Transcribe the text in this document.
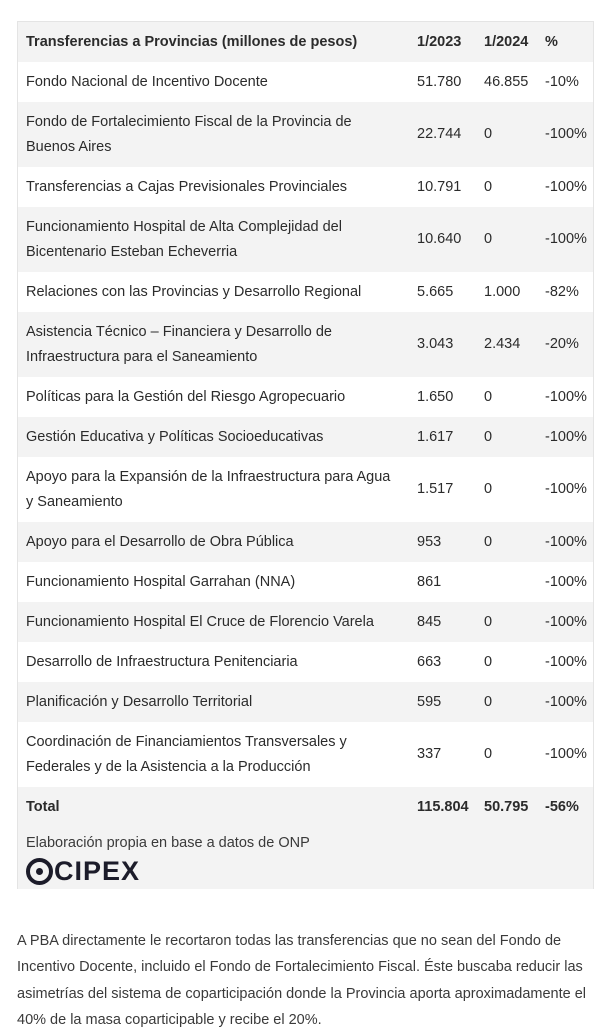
Transferencias a Provincias (millones de pesos)	1/2023	1/2024	%
Fondo Nacional de Incentivo Docente	51.780	46.855	-10%
Fondo de Fortalecimiento Fiscal de la Provincia de Buenos Aires	22.744	0	-100%
Transferencias a Cajas Previsionales Provinciales	10.791	0	-100%
Funcionamiento Hospital de Alta Complejidad del Bicentenario Esteban Echeverria	10.640	0	-100%
Relaciones con las Provincias y Desarrollo Regional	5.665	1.000	-82%
Asistencia Técnico – Financiera y Desarrollo de Infraestructura para el Saneamiento	3.043	2.434	-20%
Políticas para la Gestión del Riesgo Agropecuario	1.650	0	-100%
Gestión Educativa y Políticas Socioeducativas	1.617	0	-100%
Apoyo para la Expansión de la Infraestructura para Agua y Saneamiento	1.517	0	-100%
Apoyo para el Desarrollo de Obra Pública	953	0	-100%
Funcionamiento Hospital Garrahan (NNA)	861		-100%
Funcionamiento Hospital El Cruce de Florencio Varela	845	0	-100%
Desarrollo de Infraestructura Penitenciaria	663	0	-100%
Planificación y Desarrollo Territorial	595	0	-100%
Coordinación de Financiamientos Transversales y Federales y de la Asistencia a la Producción	337	0	-100%
Total	115.804	50.795	-56%
Elaboración propia en base a datos de ONP
CIPEX

A PBA directamente le recortaron todas las transferencias que no sean del Fondo de Incentivo Docente, incluido el Fondo de Fortalecimiento Fiscal. Éste buscaba reducir las asimetrías del sistema de coparticipación donde la Provincia aporta aproximadamente el 40% de la masa coparticipable y recibe el 20%.
